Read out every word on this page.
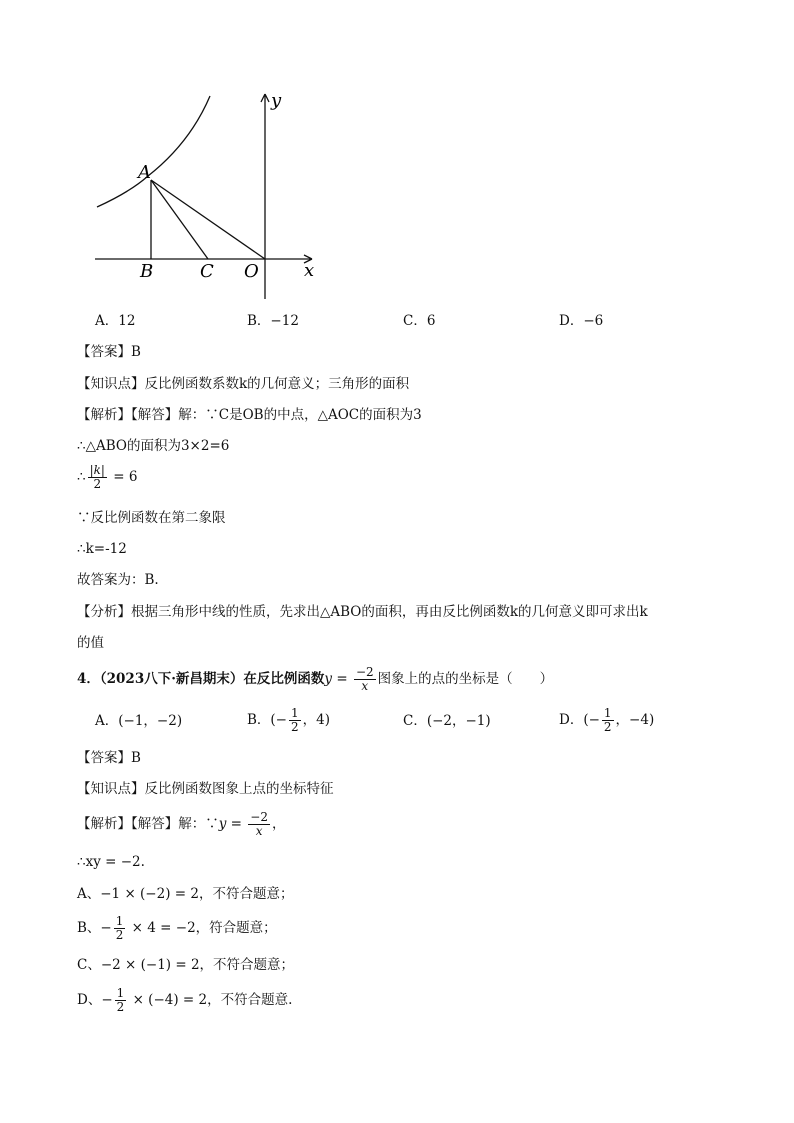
y
x
A
B	C O
A．12	B．−12	C．6	D．−6
【答案】B
【知识点】反比例函数系数k的几何意义；三角形的面积
【解析】【解答】解：∵C是OB的中点，△AOC的面积为3
∴△ABO的面积为3×2=6
∴ $\frac{|k|}{2} = 6$
∵反比例函数在第二象限
∴k=-12
故答案为：B.
【分析】根据三角形中线的性质，先求出△ABO的面积，再由反比例函数k的几何意义即可求出k
的值
4．（2023八下·新昌期末）在反比例函数$y = \frac{-2}{x}$ 图象上的点的坐标是（　　）
A．(−1，−2)	B．(− $\frac{1}{2}$ ，4)	C．(−2，−1)	D．(− $\frac{1}{2}$ ，−4)
【答案】B
【知识点】反比例函数图象上点的坐标特征
【解析】【解答】解：∵y = $\frac{-2}{x}$ ，
∴xy = −2.
A、−1 × (−2) = 2，不符合题意；
B、− $\frac{1}{2} \times 4 = -2$，符合题意；
C、−2 × (−1) = 2，不符合题意；
D、− $\frac{1}{2} \times (-4) = 2$，不符合题意.
